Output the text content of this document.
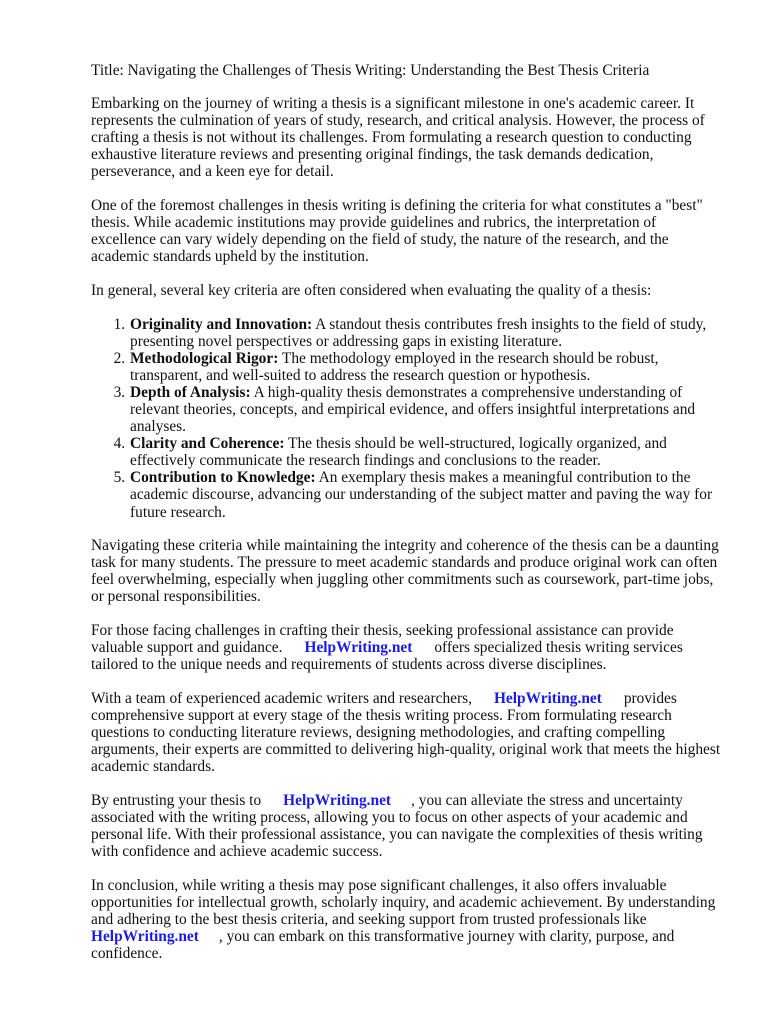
Title: Navigating the Challenges of Thesis Writing: Understanding the Best Thesis Criteria

Embarking on the journey of writing a thesis is a significant milestone in one's academic career. It represents the culmination of years of study, research, and critical analysis. However, the process of crafting a thesis is not without its challenges. From formulating a research question to conducting exhaustive literature reviews and presenting original findings, the task demands dedication, perseverance, and a keen eye for detail.

One of the foremost challenges in thesis writing is defining the criteria for what constitutes a "best" thesis. While academic institutions may provide guidelines and rubrics, the interpretation of excellence can vary widely depending on the field of study, the nature of the research, and the academic standards upheld by the institution.

In general, several key criteria are often considered when evaluating the quality of a thesis:

1. Originality and Innovation: A standout thesis contributes fresh insights to the field of study, presenting novel perspectives or addressing gaps in existing literature.
2. Methodological Rigor: The methodology employed in the research should be robust, transparent, and well-suited to address the research question or hypothesis.
3. Depth of Analysis: A high-quality thesis demonstrates a comprehensive understanding of relevant theories, concepts, and empirical evidence, and offers insightful interpretations and analyses.
4. Clarity and Coherence: The thesis should be well-structured, logically organized, and effectively communicate the research findings and conclusions to the reader.
5. Contribution to Knowledge: An exemplary thesis makes a meaningful contribution to the academic discourse, advancing our understanding of the subject matter and paving the way for future research.

Navigating these criteria while maintaining the integrity and coherence of the thesis can be a daunting task for many students. The pressure to meet academic standards and produce original work can often feel overwhelming, especially when juggling other commitments such as coursework, part-time jobs, or personal responsibilities.

For those facing challenges in crafting their thesis, seeking professional assistance can provide valuable support and guidance. HelpWriting.net offers specialized thesis writing services tailored to the unique needs and requirements of students across diverse disciplines.

With a team of experienced academic writers and researchers, HelpWriting.net provides comprehensive support at every stage of the thesis writing process. From formulating research questions to conducting literature reviews, designing methodologies, and crafting compelling arguments, their experts are committed to delivering high-quality, original work that meets the highest academic standards.

By entrusting your thesis to HelpWriting.net , you can alleviate the stress and uncertainty associated with the writing process, allowing you to focus on other aspects of your academic and personal life. With their professional assistance, you can navigate the complexities of thesis writing with confidence and achieve academic success.

In conclusion, while writing a thesis may pose significant challenges, it also offers invaluable opportunities for intellectual growth, scholarly inquiry, and academic achievement. By understanding and adhering to the best thesis criteria, and seeking support from trusted professionals like HelpWriting.net , you can embark on this transformative journey with clarity, purpose, and confidence.
